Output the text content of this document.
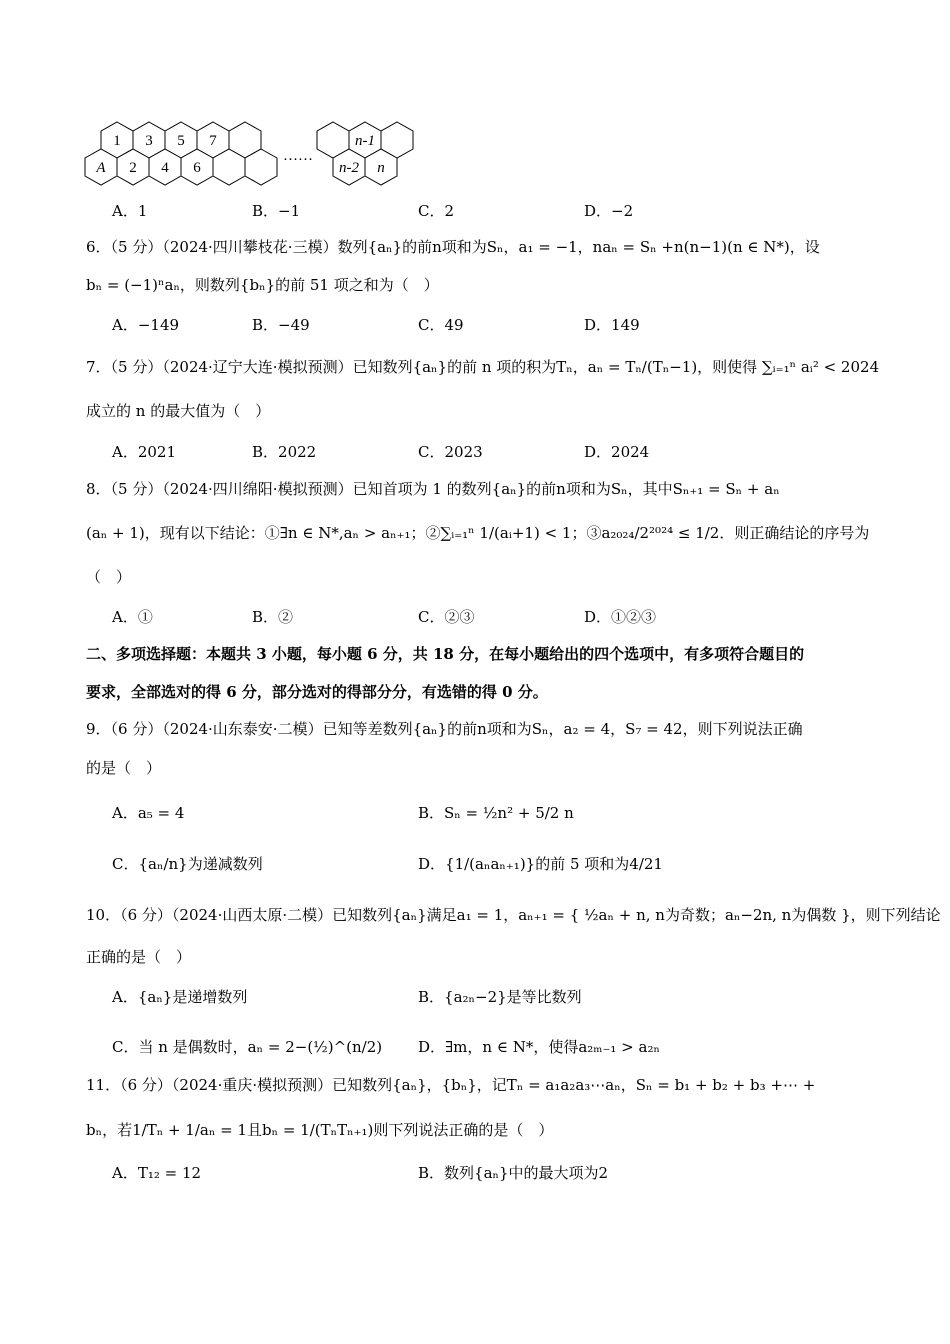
1 3 5 7
A 2 4 6
……
n-1
n-2 n
A．1	B．−1	C．2	D．−2
6．（5 分）（2024·四川攀枝花·三模）数列{aₙ}的前n项和为Sₙ，a₁ = −1，naₙ = Sₙ +n(n−1)(n ∈ N*)，设
bₙ = (−1)ⁿaₙ，则数列{bₙ}的前 51 项之和为（　）
A．−149	B．−49	C．49	D．149
7．（5 分）（2024·辽宁大连·模拟预测）已知数列{aₙ}的前 n 项的积为Tₙ，aₙ = Tₙ/(Tₙ−1)，则使得 ∑ᵢ₌₁ⁿ aᵢ² < 2024
成立的 n 的最大值为（　）
A．2021	B．2022	C．2023	D．2024
8．（5 分）（2024·四川绵阳·模拟预测）已知首项为 1 的数列{aₙ}的前n项和为Sₙ，其中Sₙ₊₁ = Sₙ + aₙ
(aₙ + 1)，现有以下结论：①∃n ∈ N*,aₙ > aₙ₊₁；②∑ᵢ₌₁ⁿ 1/(aᵢ+1) < 1；③a₂₀₂₄/2²⁰²⁴ ≤ 1/2．则正确结论的序号为
（　）
A．①	B．②	C．②③	D．①②③
二、多项选择题：本题共 3 小题，每小题 6 分，共 18 分，在每小题给出的四个选项中，有多项符合题目的
要求，全部选对的得 6 分，部分选对的得部分分，有选错的得 0 分。
9．（6 分）（2024·山东泰安·二模）已知等差数列{aₙ}的前n项和为Sₙ，a₂ = 4，S₇ = 42，则下列说法正确
的是（　）
A．a₅ = 4	B．Sₙ = ½n² + 5/2 n
C．{aₙ/n}为递减数列	D．{1/(aₙaₙ₊₁)}的前 5 项和为4/21
10．（6 分）（2024·山西太原·二模）已知数列{aₙ}满足a₁ = 1，aₙ₊₁ = { ½aₙ + n, n为奇数；aₙ−2n, n为偶数 }，则下列结论
正确的是（　）
A．{aₙ}是递增数列	B．{a₂ₙ−2}是等比数列
C．当 n 是偶数时，aₙ = 2−(½)^(n/2) D．∃m，n ∈ N*，使得a₂ₘ₋₁ > a₂ₙ
11．（6 分）（2024·重庆·模拟预测）已知数列{aₙ}，{bₙ}，记Tₙ = a₁a₂a₃⋯aₙ，Sₙ = b₁ + b₂ + b₃ +⋯ +
bₙ，若1/Tₙ + 1/aₙ = 1且bₙ = 1/(TₙTₙ₊₁)则下列说法正确的是（　）
A．T₁₂ = 12	B．数列{aₙ}中的最大项为2
